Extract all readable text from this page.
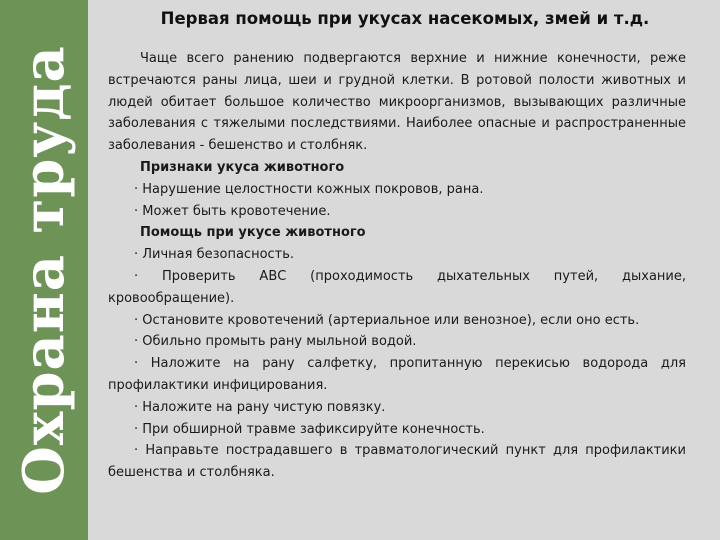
Охрана труда
Первая помощь при укусах насекомых, змей и т.д.

Чаще всего ранению подвергаются верхние и нижние конечности, реже встречаются раны лица, шеи и грудной клетки. В ротовой полости животных и людей обитает большое количество микроорганизмов, вызывающих различные заболевания с тяжелыми последствиями. Наиболее опасные и распространенные заболевания - бешенство и столбняк.

Признаки укуса животного

· Нарушение целостности кожных покровов, рана.

· Может быть кровотечение.

Помощь при укусе животного

· Личная безопасность.

· Проверить АВС (проходимость дыхательных путей, дыхание, кровообращение).

· Остановите кровотечений (артериальное или венозное), если оно есть.

· Обильно промыть рану мыльной водой.

· Наложите на рану салфетку, пропитанную перекисью водорода для профилактики инфицирования.

· Наложите на рану чистую повязку.

· При обширной травме зафиксируйте конечность.

· Направьте пострадавшего в травматологический пункт для профилактики бешенства и столбняка.
